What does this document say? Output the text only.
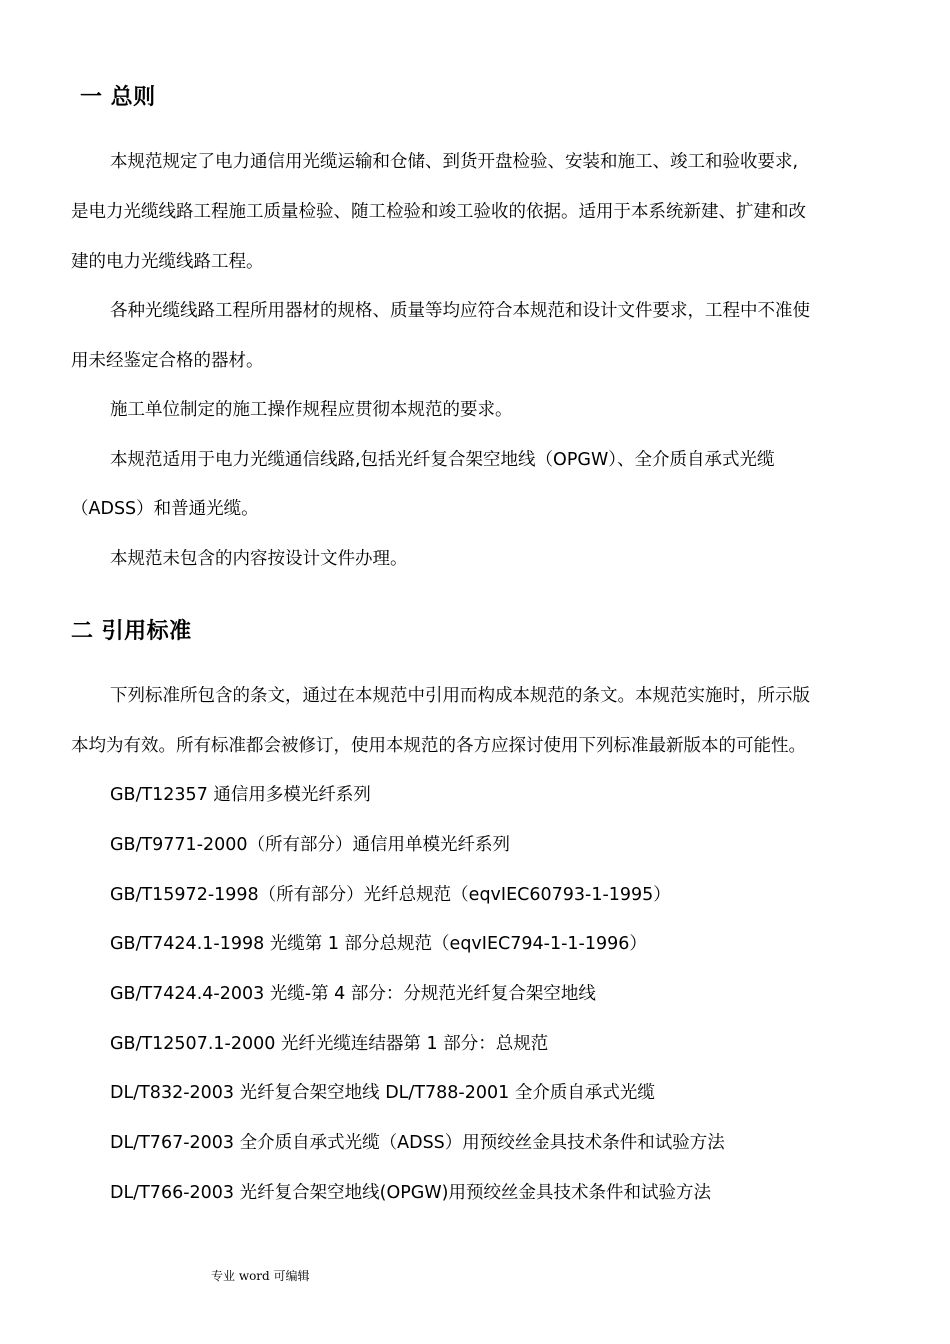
一 总则

本规范规定了电力通信用光缆运输和仓储、到货开盘检验、安装和施工、竣工和验收要求,

是电力光缆线路工程施工质量检验、随工检验和竣工验收的依据。适用于本系统新建、扩建和改

建的电力光缆线路工程。

各种光缆线路工程所用器材的规格、质量等均应符合本规范和设计文件要求，工程中不准使

用未经鉴定合格的器材。

施工单位制定的施工操作规程应贯彻本规范的要求。

本规范适用于电力光缆通信线路,包括光纤复合架空地线（OPGW）、全介质自承式光缆

（ADSS）和普通光缆。

本规范未包含的内容按设计文件办理。

二 引用标准

下列标准所包含的条文，通过在本规范中引用而构成本规范的条文。本规范实施时，所示版

本均为有效。所有标准都会被修订，使用本规范的各方应探讨使用下列标准最新版本的可能性。

GB/T12357 通信用多模光纤系列

GB/T9771-2000（所有部分）通信用单模光纤系列

GB/T15972-1998（所有部分）光纤总规范（eqvIEC60793-1-1995）

GB/T7424.1-1998 光缆第 1 部分总规范（eqvIEC794-1-1-1996）

GB/T7424.4-2003 光缆-第 4 部分：分规范光纤复合架空地线

GB/T12507.1-2000 光纤光缆连结器第 1 部分：总规范

DL/T832-2003 光纤复合架空地线 DL/T788-2001 全介质自承式光缆

DL/T767-2003 全介质自承式光缆（ADSS）用预绞丝金具技术条件和试验方法

DL/T766-2003 光纤复合架空地线(OPGW)用预绞丝金具技术条件和试验方法

专业 word 可编辑
